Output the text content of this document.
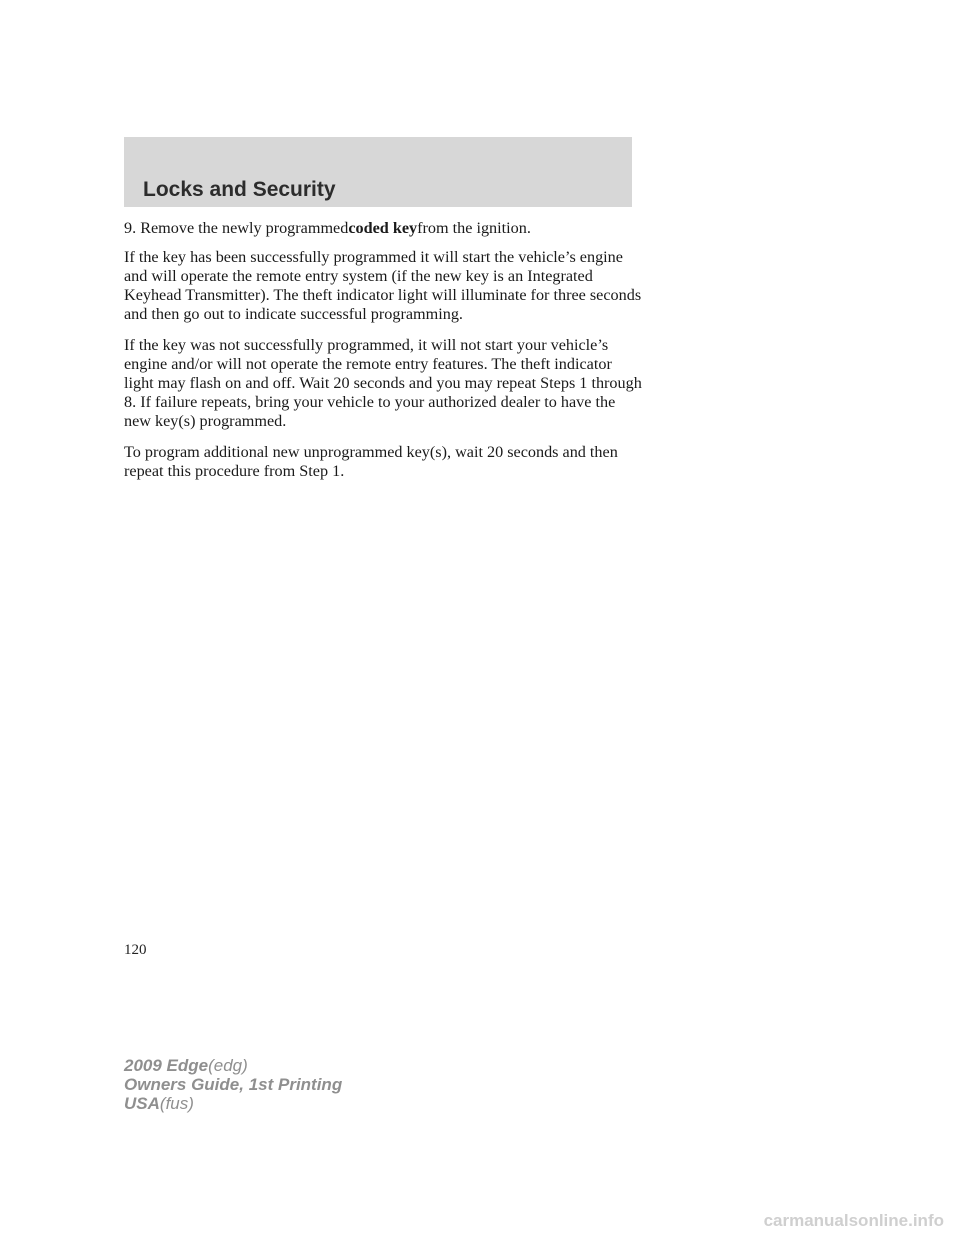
Locks and Security

9. Remove the newly programmedcoded keyfrom the ignition.

If the key has been successfully programmed it will start the vehicle’s engine and will operate the remote entry system (if the new key is an Integrated Keyhead Transmitter). The theft indicator light will illuminate for three seconds and then go out to indicate successful programming.

If the key was not successfully programmed, it will not start your vehicle’s engine and/or will not operate the remote entry features. The theft indicator light may flash on and off. Wait 20 seconds and you may repeat Steps 1 through 8. If failure repeats, bring your vehicle to your authorized dealer to have the new key(s) programmed.

To program additional new unprogrammed key(s), wait 20 seconds and then repeat this procedure from Step 1.

120
2009 Edge(edg)
Owners Guide, 1st Printing
USA(fus)
carmanualsonline.info
